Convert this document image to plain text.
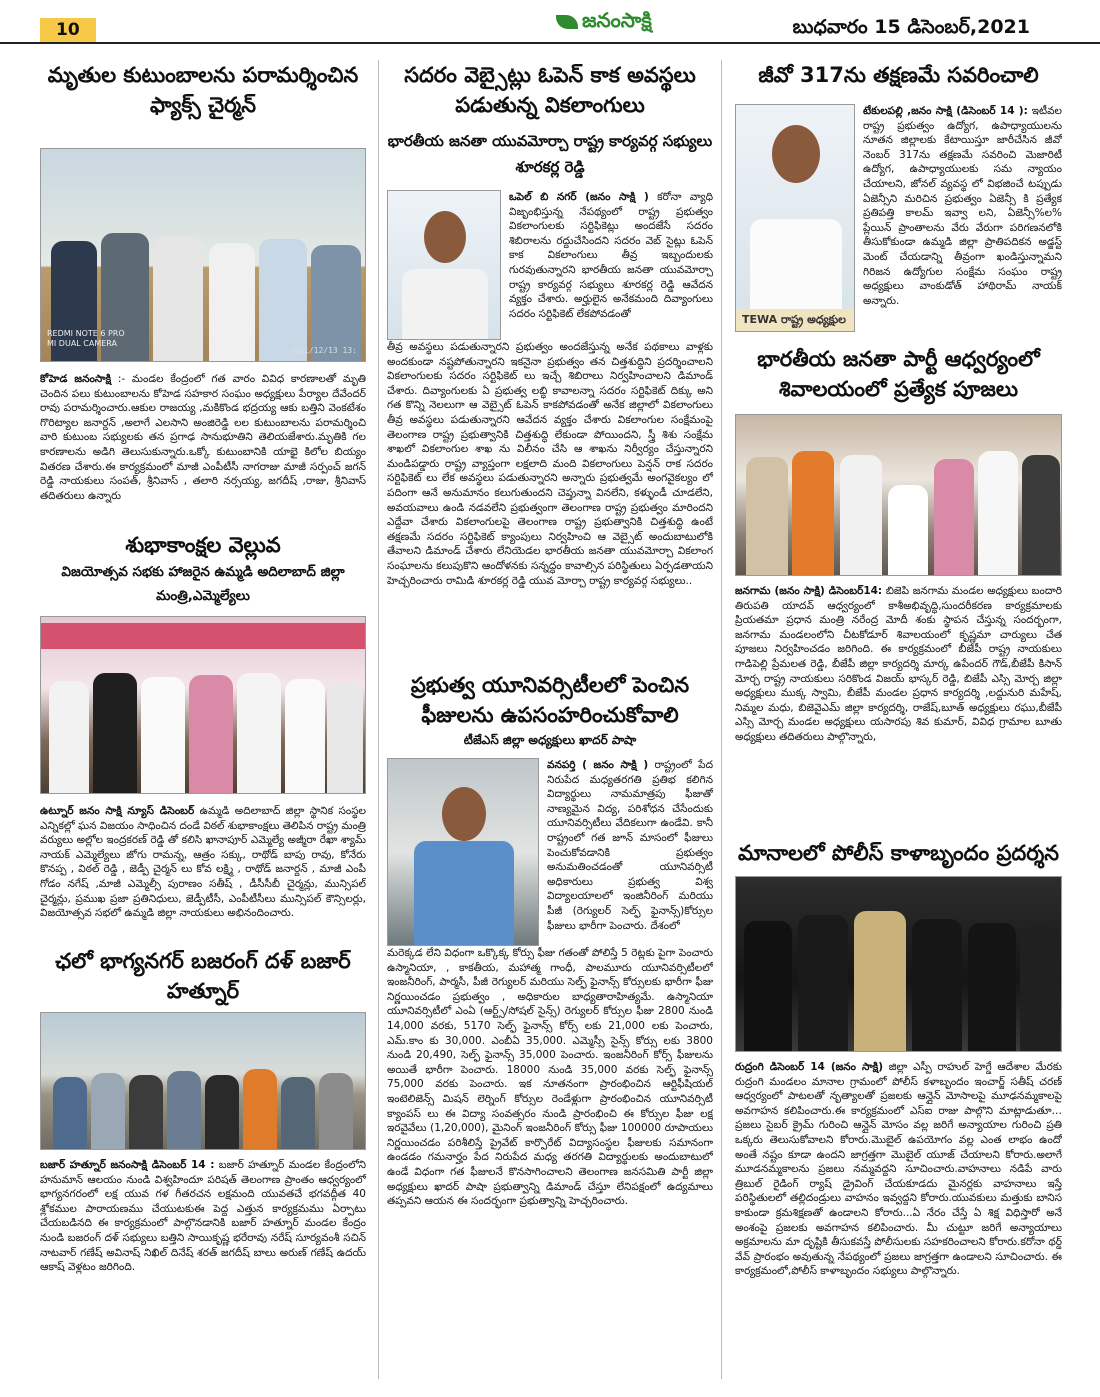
10	జనంసాక్షి	బుధవారం 15 డిసెంబర్,2021
మృతుల కుటుంబాలను పరామర్శించిన ఫ్యాక్స్ చైర్మన్
REDMI NOTE 6 PRO
MI DUAL CAMERA
2021/12/13 13:
కోహెడ జనంసాక్షి :- మండల కేంద్రంలో గత వారం వివిధ కారణాలతో మృతి చెందిన పలు కుటుంబాలను కోహెడ సహకార సంఘం అధ్యక్షులు పేర్యాల దేవేందర్ రావు పరామర్శించారు.ఆకుల రాజయ్య ,మకికొండ భద్రయ్య ఆకు బత్తిని వెంకటేశం గొరిట్యాల జనార్దన్ ,అలాగే ఎలసాని అంజిరెడ్డి లల కుటుంబాలను పరామర్శించి వారి కుటుంబ సభ్యులకు తన ప్రగాఢ సానుభూతిని తెలియజేశారు.మృతికి గల కారణాలను అడిగి తెలుసుకున్నారు.ఒక్కో కుటుంబానికి యాభై కిలోల బియ్యం వితరణ చేశారు.ఈ కార్యక్రమంలో మాజీ ఎంపీటీసీ నాగరాజు మాజీ సర్పంచ్ జగన్ రెడ్డి నాయకులు సంపత్, శ్రీనివాస్ , తలారి నర్సయ్య, జగదీష్ ,రాజు, శ్రీనివాస్ తదితరులు ఉన్నారు
శుభాకాంక్షల వెల్లువ
విజయోత్సవ సభకు హాజరైన ఉమ్మడి అదిలాబాద్ జిల్లా మంత్రి,ఎమ్మెల్యేలు
ఉట్నూర్ జనం సాక్షి న్యూస్ డిసెంబర్ ఉమ్మడి అదిలాబాద్ జిల్లా స్థానిక సంస్థల ఎన్నికల్లో ఘన విజయం సాధించిన దండే విఠల్ శుభాకాంక్షలు తెలిపిన రాష్ట్ర మంత్రి వర్యులు అల్లోల ఇంద్రకరణ్ రెడ్డి తో కలిసి ఖానాపూర్ ఎమ్మెల్యే అజ్మీరా రేఖా శ్యామ్ నాయక్ ఎమ్మెల్యేలు జోగు రామన్న, ఆత్రం సక్కు, రాథోడ్ బాపు రావు, కోనేరు కొనప్ప , విఠల్ రెడ్డి , జెడ్పీ చైర్మన్ లు కోవ లక్ష్మి , రాథోడ్ జనార్దన్ , మాజీ ఎంపీ గోడం నగేష్ ,మాజీ ఎమ్మెల్సీ పురాణం సతీష్ , డీసీసీబీ చైర్మన్లు, మున్సిపల్ చైర్మన్లు, ప్రముఖ ప్రజా ప్రతినిధులు, జెడ్పీటీసీ, ఎంపీటీసీలు మున్సిపల్ కౌన్సిలర్లు, విజయోత్సవ సభలో ఉమ్మడి జిల్లా నాయకులు అభినందించారు.
ఛలో భాగ్యనగర్ బజరంగ్ దళ్ బజార్ హత్నూర్
బజార్ హత్నూర్ జనంసాక్షి డిసెంబర్ 14 : బజార్ హత్నూర్ మండల కేంద్రంలోని హనుమాన్ ఆలయం నుండి విశ్వహిందూ పరిషత్ తెలంగాణ ప్రాంతం ఆధ్వర్యంలో భాగ్యనగరంలో లక్ష యువ గళ గీతరచన లక్షమంది యువతచే భగవద్గీత 40 శ్లోకముల పారాయణము చేయుటకుఈ పెద్ద ఎత్తున కార్యక్రమము ఏర్పాటు చేయబడినది ఈ కార్యక్రమంలో పాల్గొనడానికి బజార్ హత్నూర్ మండల కేంద్రం నుండి బజరంగ్ దళ్ సభ్యులు బత్తిని సాయికృష్ణ భరేరావు నరేష్ సూర్యవంశీ సచిన్ నాటవార్ గణేష్ అవినాష్ నిఖిల్ దినేష్ శరత్ జగదీష్ బాలు అరుణ్ గణేష్ ఉదయ్ ఆకాష్ వెళ్లటం జరిగింది.
సదరం వెబ్సైట్లు ఓపెన్ కాక అవస్థలు పడుతున్న వికలాంగులు
భారతీయ జనతా యువమోర్చా రాష్ట్ర కార్యవర్గ సభ్యులు శూరకర్ల రెడ్డి
ఒపెల్ బి నగర్ (జనం సాక్షి ) కరోనా వ్యాధి విజృంభిస్తున్న నేపథ్యంలో రాష్ట్ర ప్రభుత్వం వికలాంగులకు సర్టిఫికెట్లు అందజేసే సదరం శిబిరాలను రద్దుచేసిందని సదరం వెబ్ సైట్లు ఓపెన్ కాక వికలాంగులు తీవ్ర ఇబ్బందులకు గురవుతున్నారని భారతీయ జనతా యువమోర్చా రాష్ట్ర కార్యవర్గ సభ్యులు శూరకర్ల రెడ్డి ఆవేదన వ్యక్తం చేశారు. అర్హులైన అనేకమంది దివ్యాంగులు సదరం సర్టిఫికెట్ లేకపోవడంతో
తీవ్ర అవస్థలు పడుతున్నారని ప్రభుత్వం అందజేస్తున్న అనేక పథకాలు వాళ్లకు అందకుండా నష్టపోతున్నారని ఇకనైనా ప్రభుత్వం తన చిత్తశుద్ధిని ప్రదర్శించాలని వికలాంగులకు సదరం సర్టిఫికెట్ లు ఇచ్చే శిబిరాలు నిర్వహించాలని డిమాండ్ చేశారు. దివ్యాంగులకు ఏ ప్రభుత్వ లబ్ధి కావాలన్నా సదరం సర్టిఫికెట్ దిక్కు అని గత కొన్ని నెలలుగా ఆ వెబ్సైట్ ఓపెన్ కాకపోవడంతో అనేక జిల్లాలో వికలాంగులు తీవ్ర అవస్థలు పడుతున్నారని ఆవేదన వ్యక్తం చేశారు వికలాంగుల సంక్షేమంపై తెలంగాణ రాష్ట్ర ప్రభుత్వానికి చిత్తశుద్ధి లేకుండా పోయిందని, స్త్రీ శిశు సంక్షేమ శాఖలో వికలాంగుల శాఖ ను విలీనం చేసి ఆ శాఖను నిర్వీర్యం చేస్తున్నారని మండిపడ్డారు రాష్ట్ర వ్యాప్తంగా లక్షలాది మంది వికలాంగులు పెన్షన్ రాక సదరం సర్టిఫికెట్ లు లేక అవస్థలు పడుతున్నారని అన్నారు ప్రభుత్వమే అంగవైకల్యం లో పదింగా ఆనే అనుమానం కలుగుతుందని చెప్తున్నా వినలేని, కళ్ళుండీ చూడలేని, అవయవాలు ఉండి నడవలేని ప్రభుత్వంగా తెలంగాణ రాష్ట్ర ప్రభుత్వం మారిందని ఎద్దేవా చేశారు వికలాంగులపై తెలంగాణ రాష్ట్ర ప్రభుత్వానికి చిత్తశుద్ధి ఉంటే తక్షణమే సదరం సర్టిఫికెట్ క్యాంపులు నిర్వహించి ఆ వెబ్సైట్ అందుబాటులోకి తేవాలని డిమాండ్ చేశారు లేనియెడల భారతీయ జనతా యువమోర్చా వికలాంగ సంఘాలను కలుపుకొని ఆందోళనకు సన్నద్ధం కావాల్సిన పరిస్థితులు ఏర్పడతాయని హెచ్చరించారు రామిడి శూరకర్ల రెడ్డి యువ మోర్చా రాష్ట్ర కార్యవర్గ సభ్యులు..
ప్రభుత్వ యూనివర్సిటీలలో పెంచిన ఫీజులను ఉపసంహరించుకోవాలి
టీజేఎస్ జిల్లా అధ్యక్షులు ఖాదర్ పాషా
వనపర్తి ( జనం సాక్షి ) రాష్ట్రంలో పేద నిరుపేద మధ్యతరగతి ప్రతిభ కలిగిన విద్యార్థులు నామమాత్రపు ఫీజుతో నాణ్యమైన విద్య, పరిశోధన చేసేందుకు యూనివర్సిటీలు వేదికలుగా ఉండేవి. కానీ రాష్ట్రంలో గత జూన్ మాసంలో ఫీజులు పెంచుకోవడానికి ప్రభుత్వం అనుమతించడంతో యూనివర్సిటీ అధికారులు ప్రభుత్వ విశ్వ విద్యాలయాలలో ఇంజినీరింగ్ మరియు పీజీ (రెగ్యులర్ సెల్ఫ్ ఫైనాన్స్)కోర్సుల ఫీజులు భారీగా పెంచారు. దేశంలో
మరెక్కడ లేని విధంగా ఒక్కొక్క కోర్సు ఫీజు గతంతో పోలిస్తే 5 రెట్లకు పైగా పెంచారు ఉస్మానియా, , కాకతీయ, మహాత్మ గాంధీ, పాలమూరు యూనివర్సిటీలలో ఇంజనీరింగ్, పార్మసీ, పీజీ రెగ్యులర్ మరియు సెల్ఫ్ ఫైనాన్స్ కోర్సులకు భారీగా ఫీజు నిర్ణయించడం ప్రభుత్వం , అధికారుల బాధ్యతారాహిత్యమే. ఉస్మానియా యూనివర్సిటీలో ఎంఏ (ఆర్ట్స్/సోషల్ సైన్స్) రెగ్యులర్ కోర్సుల ఫీజు 2800 నుండి 14,000 వరకు, 5170 సెల్ఫ్ ఫైనాన్స్ కోర్స్ లకు 21,000 లకు పెంచారు, ఎమ్.కాం కు 30,000. ఎంబీఏ 35,000. ఎమ్మెస్సీ సైన్స్ కోర్సు లకు 3800 నుండి 20,490, సెల్ఫ్ ఫైనాన్స్ 35,000 పెంచారు. ఇంజనీరింగ్ కోర్స్ ఫీజులను అయితే భారీగా పెంచారు. 18000 నుండి 35,000 వరకు సెల్ఫ్ ఫైనాన్స్ 75,000 వరకు పెంచారు. ఇక నూతనంగా ప్రారంభించిన ఆర్టిఫీషియల్ ఇంటెలిజెన్స్ మిషన్ లెర్నింగ్ కోర్సుల రెండేళ్లుగా ప్రారంభించిన యూనివర్సిటీ క్యాంపస్ లు ఈ విద్యా సంవత్సరం నుండి ప్రారంభించి ఈ కోర్సుల ఫీజు లక్ష ఇరవైవేలు (1,20,000), మైనింగ్ ఇంజనీరింగ్ కోర్సు ఫీజు 100000 రూపాయలు నిర్ణయించడం పరిశీలిస్తే ప్రైవేట్ కార్పొరేట్ విద్యాసంస్థల ఫీజులకు సమానంగా ఉండడం గమనార్హం పేద నిరుపేద మధ్య తరగతి విద్యార్థులకు అందుబాటులో ఉండే విధంగా గత ఫీజులనే కొనసాగించాలని తెలంగాణ జనసమితి పార్టీ జిల్లా అధ్యక్షులు ఖాదర్ పాషా ప్రభుత్వాన్ని డిమాండ్ చేస్తూ లేనిపక్షంలో ఉద్యమాలు తప్పవని ఆయన ఈ సందర్భంగా ప్రభుత్వాన్ని హెచ్చరించారు.
జీవో 317ను తక్షణమే సవరించాలి
TEWA రాష్ట్ర అధ్యక్షుల
టేకులపల్లి ,జనం సాక్షి (డిసెంబర్ 14 ): ఇటీవల రాష్ట్ర ప్రభుత్వం ఉద్యోగ, ఉపాధ్యాయులను నూతన జిల్లాలకు కేటాయిస్తూ జారీచేసిన జీవో నెంబర్ 317ను తక్షణమే సవరించి మెజారిటీ ఉద్యోగ, ఉపాధ్యాయులకు సమ న్యాయం చేయాలని, జోనల్ వ్యవస్థ లో విభజించే టప్పుడు ఏజెన్సీని మరిచిన ప్రభుత్వం ఏజెన్సీ కి ప్రత్యేక ప్రతిపత్తి కాలమ్ ఇవ్వా లని, ఏజెన్సీ%ల% ప్లేయిన్ ప్రాంతాలను వేరు వేరుగా పరిగణనలోకి తీసుకోకుండా ఉమ్మడి జిల్లా ప్రాతిపదికన అడ్జస్ట్ మెంట్ చేయడాన్ని తీవ్రంగా ఖండిస్తున్నామని గిరిజన ఉద్యోగుల సంక్షేమ సంఘం రాష్ట్ర అధ్యక్షులు వాంకుడోత్ హాథిరామ్ నాయక్ అన్నారు.
భారతీయ జనతా పార్టీ ఆధ్వర్యంలో శివాలయంలో ప్రత్యేక పూజలు
జనగామ (జనం సాక్షి) డిసెంబర్14: బిజెపి జనగామ మండల అధ్యక్షులు బందారి తిరుపతి యాదవ్ ఆధ్వర్యంలో కాశీఅభివృద్ధి,సుందరీకరణ కార్యక్రమాలకు ప్రియతమా ప్రధాన మంత్రి నరేంద్ర మోదీ శంకు స్థాపన చేస్తున్న సందర్భంగా, జనగామ మండలంలోని చీటకోడూర్ శివాలయంలో కృష్ణమా చార్యులు చేత పూజలు నిర్వహించడం జరిగింది. ఈ కార్యక్రమంలో బీజేపీ రాష్ట్ర నాయకులు గాడిపెల్లి ప్రేమలత రెడ్డి, బీజేపీ జిల్లా కార్యదర్శి మార్క ఉపేందర్ గౌడ్,బీజేపీ కిసాన్ మోర్చ రాష్ట్ర నాయకులు సరికొండ విజయ్ భాస్కర్ రెడ్డి, బిజేపీ ఎస్సి మోర్చ జిల్లా అధ్యక్షులు ముక్క స్వామి, బీజేపీ మండల ప్రధాన కార్యదర్శి ,లద్దునురి మహేష్, నిమ్మల మధు, బిజెవైఎమ్ జిల్లా కార్యదర్శి, రాజేష్,బూత్ అధ్యక్షులు రఘు,బీజేపీ ఎస్సి మోర్చ మండల అధ్యక్షులు యసారపు శివ కుమార్, వివిధ గ్రామాల బూతు అధ్యక్షులు తదితరులు పాల్గొన్నారు,
మానాలలో పోలీస్ కాళాబృందం ప్రదర్శన
రుద్రంగి డిసెంబర్ 14 (జనం సాక్షి) జిల్లా ఎస్పీ రాహుల్ హెగ్డే ఆదేశాల మేరకు రుద్రంగి మండలం మానాల గ్రామంలో పోలీస్ కళాబృందం ఇంచార్జ్ సతీష్ చరణ్ ఆధ్వర్యంలో పాటలతో నృత్యాలతో ప్రజలకు ఆన్లైన్ మోసాలపై మూఢనమ్మకాలపై అవగాహన కలిపించారు.ఈ కార్యక్రమంలో ఎస్ఐ రాజు పాల్గొని మాట్లాడుతూ…ప్రజలు సైబర్ క్రైమ్ గురించి ఆన్లైన్ మోసం వల్ల జరిగే అన్యాయాల గురించి ప్రతి ఒక్కరు తెలుసుకోవాలని కోరారు.మొబైల్ ఉపయోగం వల్ల ఎంత లాభం ఉందో అంతే నష్టం కూడా ఉందని జాగ్రత్తగా మొబైల్ యూజ్ చేయాలని కోరారు.అలాగే మూడనమ్మకాలను ప్రజలు నమ్మవద్దని సూచించారు.వాహనాలు నడిపే వారు త్రిబుల్ రైడింగ్ ర్యాష్ డ్రైవింగ్ చేయకూడదు మైనర్లకు వాహనాలు ఇస్తే పరిస్థితులలో తల్లిదండ్రులు వాహనం ఇవ్వద్దని కోరారు.యువకులు మత్తుకు బానిస కాకుండా క్రమశిక్షణతో ఉండాలని కోరారు...ఏ నేరం చేస్తే ఏ శిక్ష విధిస్తారో అనే అంశంపై ప్రజలకు అవగాహన కలిపించారు. మీ చుట్టూ జరిగే అన్యాయాలు అక్రమాలను మా దృష్టికి తీసుకవస్తే పోలీసులకు సహకరించాలని కోరారు.కరోనా థర్డ్ వేవ్ ప్రారంభం అవుతున్న నేపథ్యంలో ప్రజలు జాగ్రత్తగా ఉండాలని సూచించారు. ఈ కార్యక్రమంలో,పోలీస్ కాళాబృందం సభ్యులు పాల్గొన్నారు.
